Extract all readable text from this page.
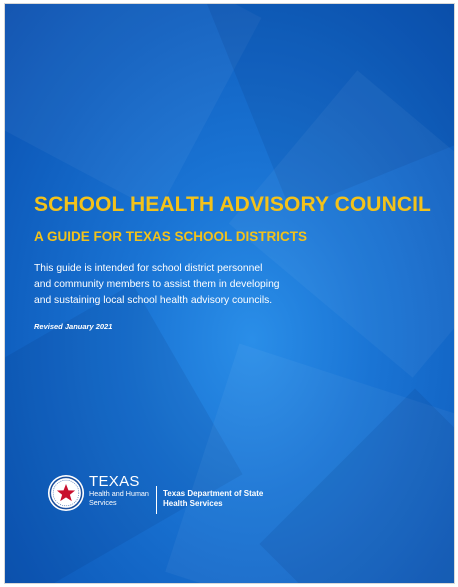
SCHOOL HEALTH ADVISORY COUNCIL
A GUIDE FOR TEXAS SCHOOL DISTRICTS

This guide is intended for school district personnel
and community members to assist them in developing
and sustaining local school health advisory councils.

Revised January 2021

TEXAS
Health and Human
Services
Texas Department of State
Health Services
